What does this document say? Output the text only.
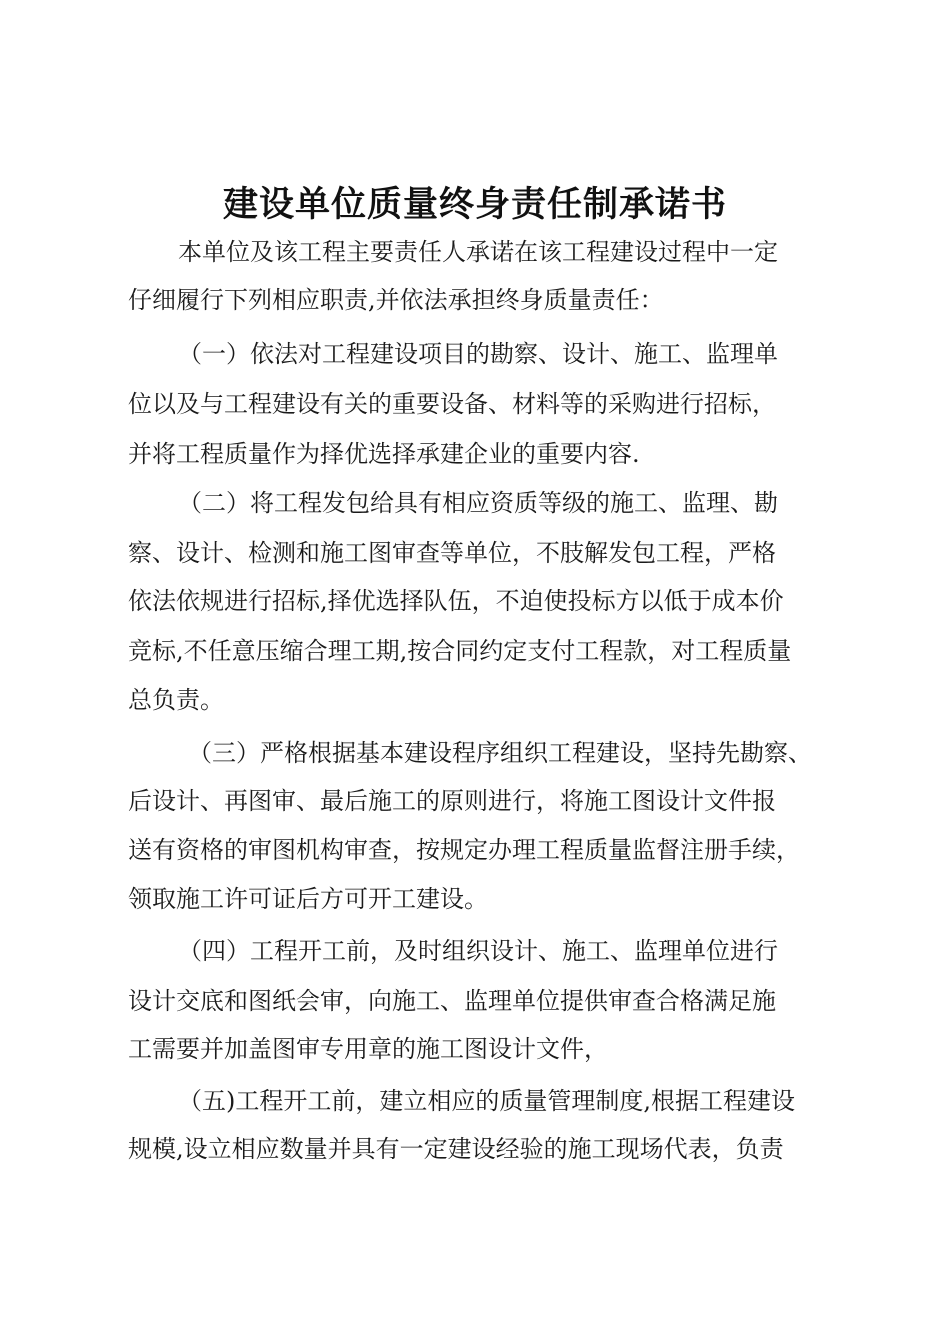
建设单位质量终身责任制承诺书
本单位及该工程主要责任人承诺在该工程建设过程中一定
仔细履行下列相应职责,并依法承担终身质量责任：
（一）依法对工程建设项目的勘察、设计、施工、监理单
位以及与工程建设有关的重要设备、材料等的采购进行招标，
并将工程质量作为择优选择承建企业的重要内容.
（二）将工程发包给具有相应资质等级的施工、监理、勘
察、设计、检测和施工图审查等单位，不肢解发包工程，严格
依法依规进行招标,择优选择队伍，不迫使投标方以低于成本价
竞标,不任意压缩合理工期,按合同约定支付工程款，对工程质量
总负责。
（三）严格根据基本建设程序组织工程建设，坚持先勘察、
后设计、再图审、最后施工的原则进行，将施工图设计文件报
送有资格的审图机构审查，按规定办理工程质量监督注册手续，
领取施工许可证后方可开工建设。
（四）工程开工前，及时组织设计、施工、监理单位进行
设计交底和图纸会审，向施工、监理单位提供审查合格满足施
工需要并加盖图审专用章的施工图设计文件，
（五)工程开工前，建立相应的质量管理制度,根据工程建设
规模,设立相应数量并具有一定建设经验的施工现场代表，负责
